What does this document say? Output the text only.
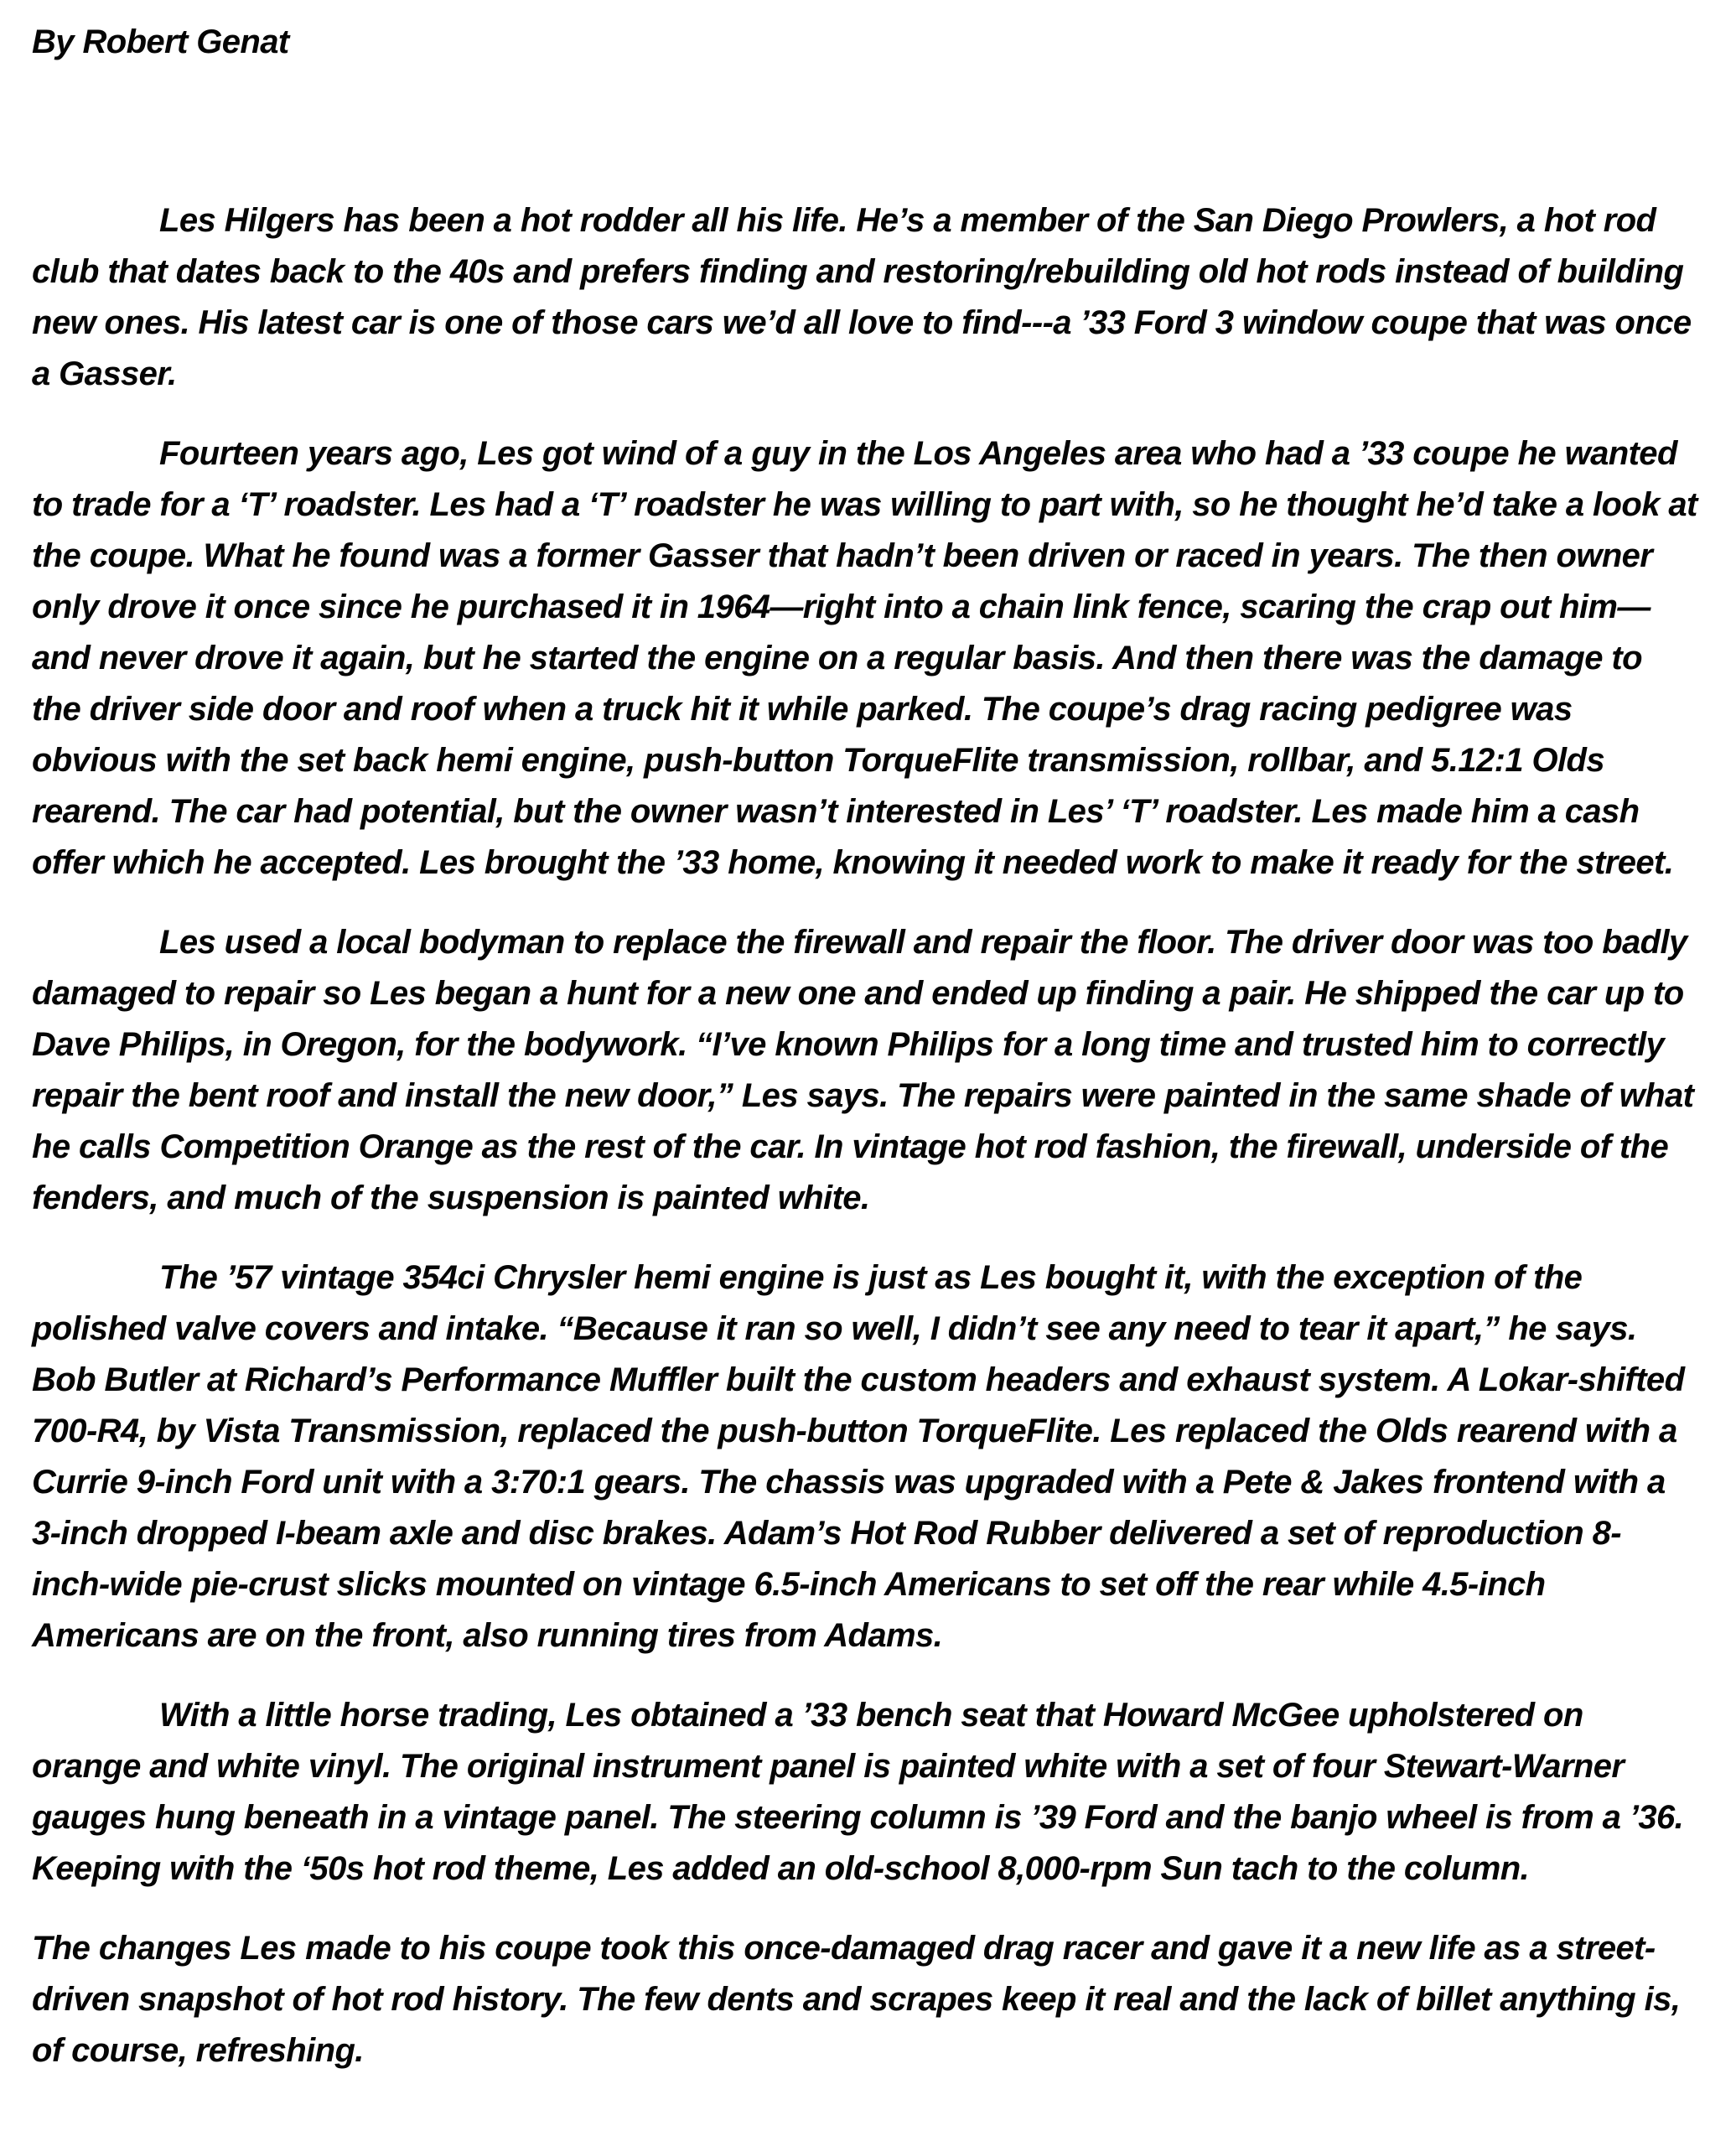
By Robert Genat

Les Hilgers has been a hot rodder all his life. He’s a member of the San Diego Prowlers, a hot rod club that dates back to the 40s and prefers finding and restoring/rebuilding old hot rods instead of building new ones. His latest car is one of those cars we’d all love to find---a ’33 Ford 3 window coupe that was once a Gasser.

Fourteen years ago, Les got wind of a guy in the Los Angeles area who had a ’33 coupe he wanted to trade for a ‘T’ roadster. Les had a ‘T’ roadster he was willing to part with, so he thought he’d take a look at the coupe. What he found was a former Gasser that hadn’t been driven or raced in years. The then owner only drove it once since he purchased it in 1964—right into a chain link fence, scaring the crap out him—and never drove it again, but he started the engine on a regular basis. And then there was the damage to the driver side door and roof when a truck hit it while parked. The coupe’s drag racing pedigree was obvious with the set back hemi engine, push-button TorqueFlite transmission, rollbar, and 5.12:1 Olds rearend. The car had potential, but the owner wasn’t interested in Les’ ‘T’ roadster. Les made him a cash offer which he accepted. Les brought the ’33 home, knowing it needed work to make it ready for the street.

Les used a local bodyman to replace the firewall and repair the floor. The driver door was too badly damaged to repair so Les began a hunt for a new one and ended up finding a pair. He shipped the car up to Dave Philips, in Oregon, for the bodywork. “I’ve known Philips for a long time and trusted him to correctly repair the bent roof and install the new door,” Les says. The repairs were painted in the same shade of what he calls Competition Orange as the rest of the car. In vintage hot rod fashion, the firewall, underside of the fenders, and much of the suspension is painted white.

The ’57 vintage 354ci Chrysler hemi engine is just as Les bought it, with the exception of the polished valve covers and intake. “Because it ran so well, I didn’t see any need to tear it apart,” he says. Bob Butler at Richard’s Performance Muffler built the custom headers and exhaust system. A Lokar-shifted 700-R4, by Vista Transmission, replaced the push-button TorqueFlite. Les replaced the Olds rearend with a Currie 9-inch Ford unit with a 3:70:1 gears. The chassis was upgraded with a Pete & Jakes frontend with a 3-inch dropped I-beam axle and disc brakes. Adam’s Hot Rod Rubber delivered a set of reproduction 8-inch-wide pie-crust slicks mounted on vintage 6.5-inch Americans to set off the rear while 4.5-inch Americans are on the front, also running tires from Adams.

With a little horse trading, Les obtained a ’33 bench seat that Howard McGee upholstered on orange and white vinyl. The original instrument panel is painted white with a set of four Stewart-Warner gauges hung beneath in a vintage panel. The steering column is ’39 Ford and the banjo wheel is from a ’36. Keeping with the ‘50s hot rod theme, Les added an old-school 8,000-rpm Sun tach to the column.

The changes Les made to his coupe took this once-damaged drag racer and gave it a new life as a street-driven snapshot of hot rod history. The few dents and scrapes keep it real and the lack of billet anything is, of course, refreshing.
